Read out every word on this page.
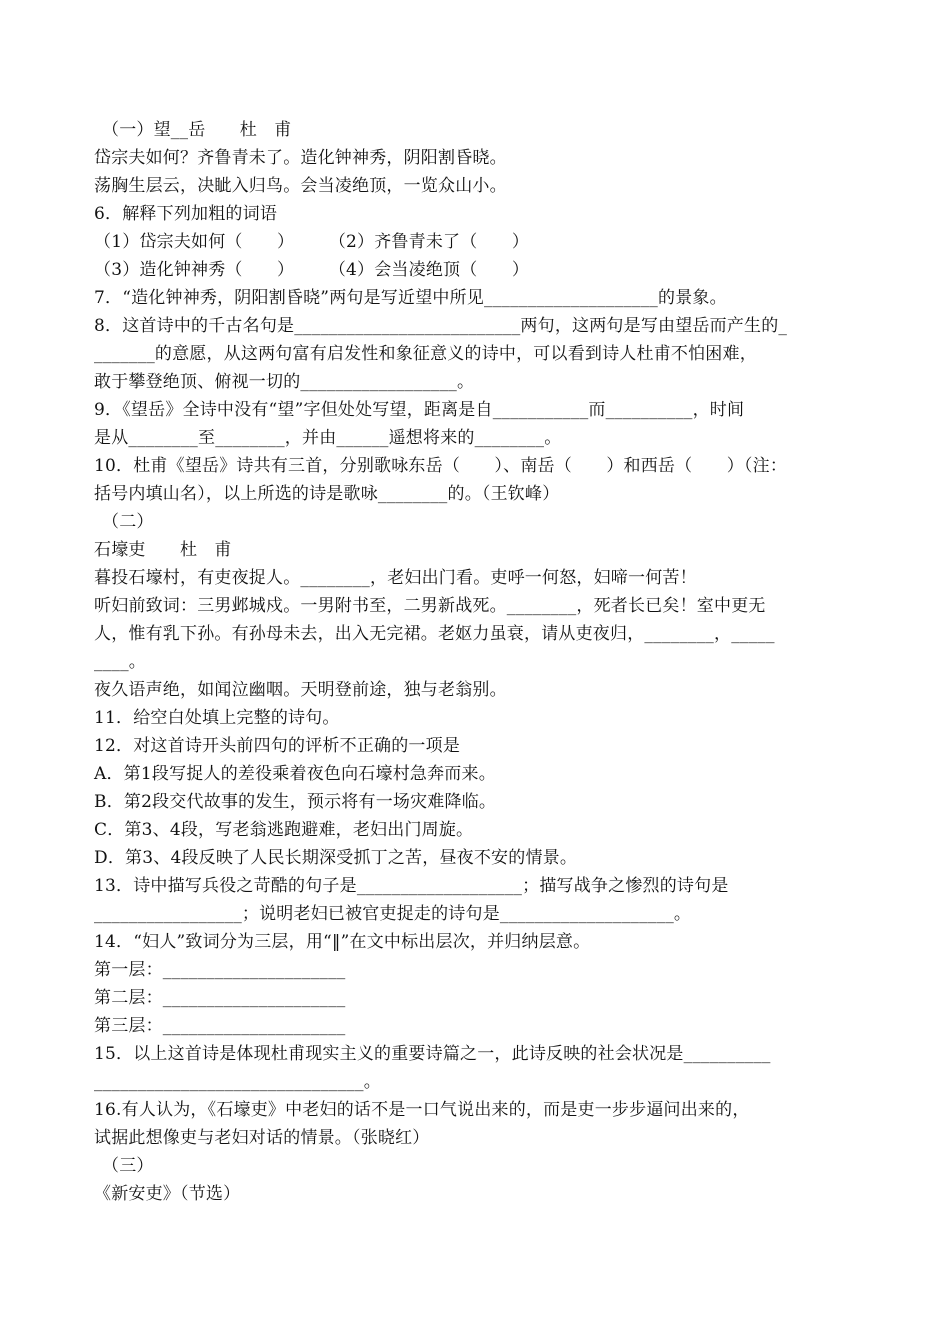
（一）望__岳　　杜　甫
岱宗夫如何？齐鲁青未了。造化钟神秀，阴阳割昏晓。
荡胸生层云，决眦入归鸟。会当凌绝顶，一览众山小。
6．解释下列加粗的词语
（1）岱宗夫如何（　　）　　　（2）齐鲁青未了（　　）
（3）造化钟神秀（　　）　　　（4）会当凌绝顶（　　）
7．“造化钟神秀，阴阳割昏晓”两句是写近望中所见____________________的景象。
8．这首诗中的千古名句是__________________________两句，这两句是写由望岳而产生的_
_______的意愿，从这两句富有启发性和象征意义的诗中，可以看到诗人杜甫不怕困难，
敢于攀登绝顶、俯视一切的__________________。
9．《望岳》全诗中没有“望”字但处处写望，距离是自___________而__________，时间
是从________至________，并由______遥想将来的________。
10．杜甫《望岳》诗共有三首，分别歌咏东岳（　　）、南岳（　　）和西岳（　　）（注：
括号内填山名），以上所选的诗是歌咏________的。（王钦峰）
（二）
石壕吏　　杜　甫
暮投石壕村，有吏夜捉人。________，老妇出门看。吏呼一何怒，妇啼一何苦！
听妇前致词：三男邺城戍。一男附书至，二男新战死。________，死者长已矣！室中更无
人，惟有乳下孙。有孙母未去，出入无完裙。老妪力虽衰，请从吏夜归，________，_____
____。
夜久语声绝，如闻泣幽咽。天明登前途，独与老翁别。
11．给空白处填上完整的诗句。
12．对这首诗开头前四句的评析不正确的一项是
A．第1段写捉人的差役乘着夜色向石壕村急奔而来。
B．第2段交代故事的发生，预示将有一场灾难降临。
C．第3、4段，写老翁逃跑避难，老妇出门周旋。
D．第3、4段反映了人民长期深受抓丁之苦，昼夜不安的情景。
13．诗中描写兵役之苛酷的句子是___________________；描写战争之惨烈的诗句是
_________________；说明老妇已被官吏捉走的诗句是____________________。
14．“妇人”致词分为三层，用“‖”在文中标出层次，并归纳层意。
第一层：_____________________
第二层：_____________________
第三层：_____________________
15．以上这首诗是体现杜甫现实主义的重要诗篇之一，此诗反映的社会状况是__________
_______________________________。
16.有人认为，《石壕吏》中老妇的话不是一口气说出来的，而是吏一步步逼问出来的，
试据此想像吏与老妇对话的情景。（张晓红）
（三）
《新安吏》（节选）
